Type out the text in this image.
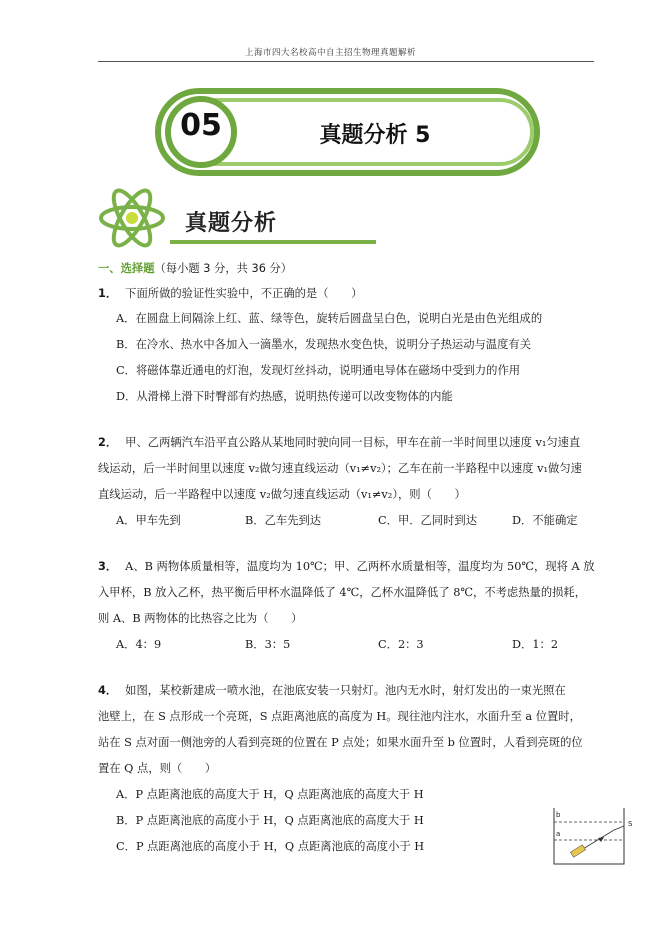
上海市四大名校高中自主招生物理真题解析
05	真题分析 5
真题分析
一、选择题（每小题 3 分，共 36 分）
1． 下面所做的验证性实验中，不正确的是（　　）
A．在圆盘上间隔涂上红、蓝、绿等色，旋转后圆盘呈白色，说明白光是由色光组成的
B．在冷水、热水中各加入一滴墨水，发现热水变色快，说明分子热运动与温度有关
C．将磁体靠近通电的灯泡，发现灯丝抖动，说明通电导体在磁场中受到力的作用
D．从滑梯上滑下时臀部有灼热感，说明热传递可以改变物体的内能
2． 甲、乙两辆汽车沿平直公路从某地同时驶向同一目标，甲车在前一半时间里以速度 v₁匀速直
线运动，后一半时间里以速度 v₂做匀速直线运动（v₁≠v₂）；乙车在前一半路程中以速度 v₁做匀速
直线运动，后一半路程中以速度 v₂做匀速直线运动（v₁≠v₂），则（　　）
A．甲车先到	B．乙车先到达	C．甲．乙同时到达	D．不能确定
3． A、B 两物体质量相等，温度均为 10℃；甲、乙两杯水质量相等，温度均为 50℃，现将 A 放
入甲杯，B 放入乙杯，热平衡后甲杯水温降低了 4℃，乙杯水温降低了 8℃，不考虑热量的损耗，
则 A、B 两物体的比热容之比为（　　）
A．4：9	B．3：5	C．2：3	D．1：2
4． 如图，某校新建成一喷水池，在池底安装一只射灯。池内无水时，射灯发出的一束光照在
池壁上，在 S 点形成一个亮斑，S 点距离池底的高度为 H。现往池内注水，水面升至 a 位置时，
站在 S 点对面一侧池旁的人看到亮斑的位置在 P 点处；如果水面升至 b 位置时，人看到亮斑的位
置在 Q 点，则（　　）
A．P 点距离池底的高度大于 H，Q 点距离池底的高度大于 H
B．P 点距离池底的高度小于 H，Q 点距离池底的高度大于 H
C．P 点距离池底的高度小于 H，Q 点距离池底的高度小于 H
b
a
S
